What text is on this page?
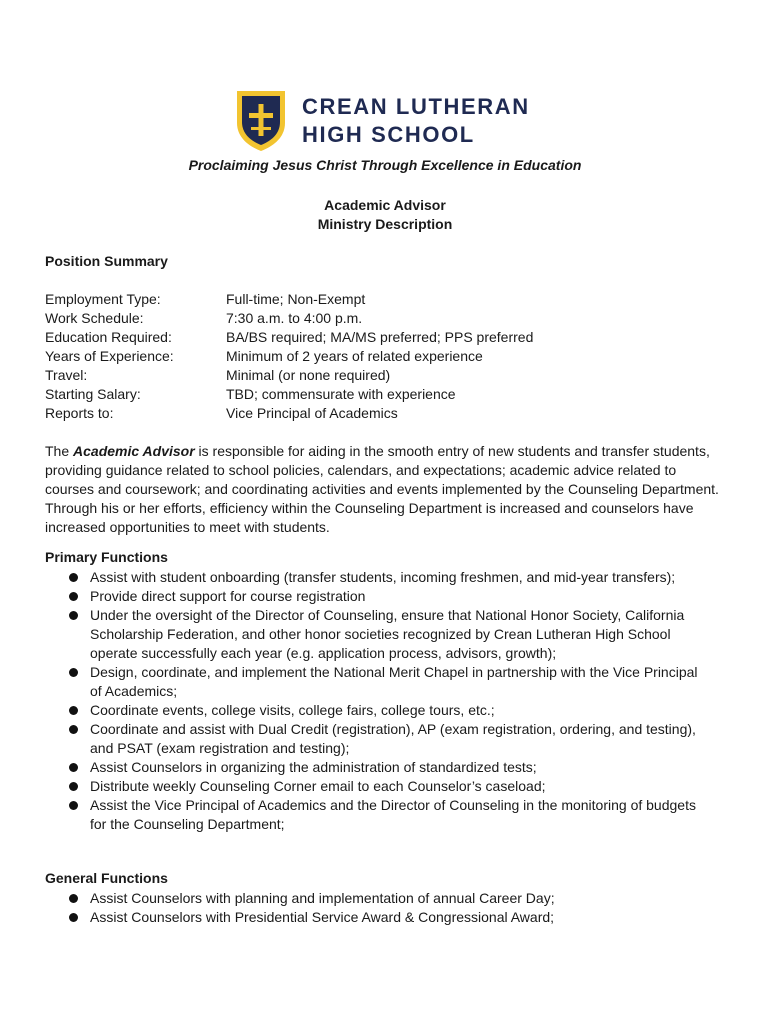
CREAN LUTHERAN
HIGH SCHOOL
Proclaiming Jesus Christ Through Excellence in Education
Academic Advisor
Ministry Description
Position Summary
Employment Type:	Full-time; Non-Exempt
Work Schedule:	7:30 a.m. to 4:00 p.m.
Education Required:	BA/BS required; MA/MS preferred; PPS preferred
Years of Experience:	Minimum of 2 years of related experience
Travel:	Minimal (or none required)
Starting Salary:	TBD; commensurate with experience
Reports to:	Vice Principal of Academics

The Academic Advisor is responsible for aiding in the smooth entry of new students and transfer students, providing guidance related to school policies, calendars, and expectations; academic advice related to courses and coursework; and coordinating activities and events implemented by the Counseling Department. Through his or her efforts, efficiency within the Counseling Department is increased and counselors have increased opportunities to meet with students.

Primary Functions
Assist with student onboarding (transfer students, incoming freshmen, and mid-year transfers);
Provide direct support for course registration
Under the oversight of the Director of Counseling, ensure that National Honor Society, California Scholarship Federation, and other honor societies recognized by Crean Lutheran High School operate successfully each year (e.g. application process, advisors, growth);
Design, coordinate, and implement the National Merit Chapel in partnership with the Vice Principal of Academics;
Coordinate events, college visits, college fairs, college tours, etc.;
Coordinate and assist with Dual Credit (registration), AP (exam registration, ordering, and testing), and PSAT (exam registration and testing);
Assist Counselors in organizing the administration of standardized tests;
Distribute weekly Counseling Corner email to each Counselor’s caseload;
Assist the Vice Principal of Academics and the Director of Counseling in the monitoring of budgets for the Counseling Department;
General Functions
Assist Counselors with planning and implementation of annual Career Day;
Assist Counselors with Presidential Service Award & Congressional Award;
